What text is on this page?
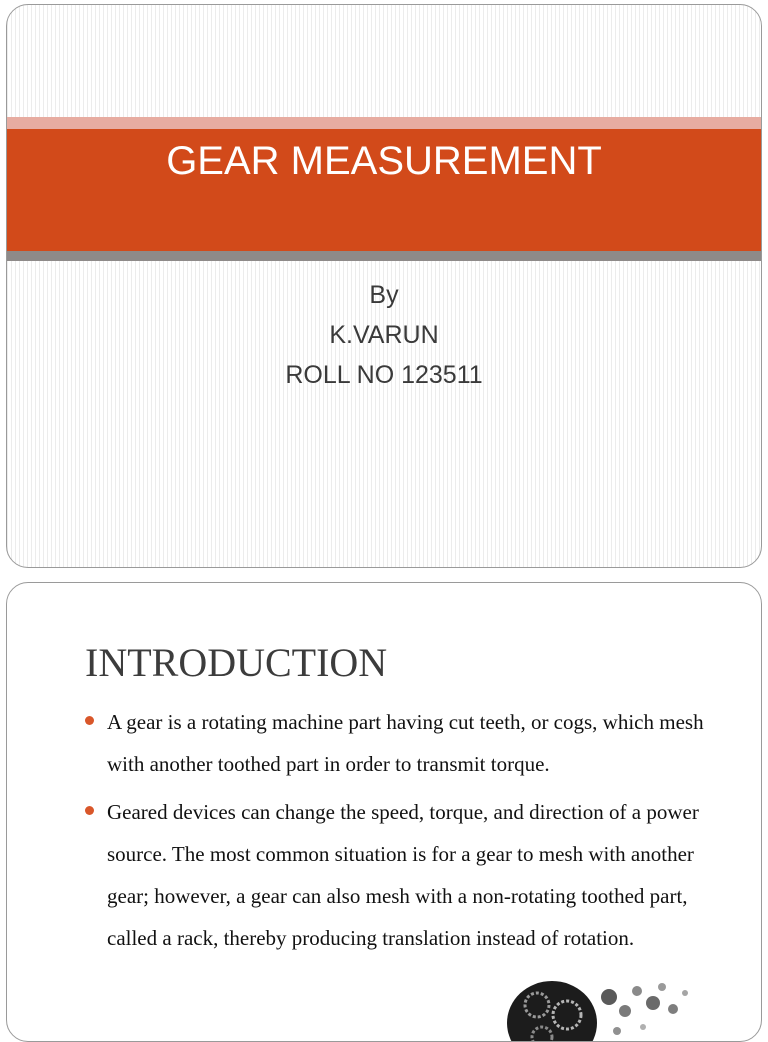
GEAR MEASUREMENT
By
K.VARUN
ROLL NO 123511
INTRODUCTION
A gear is a rotating machine part having cut teeth, or cogs, which mesh with another toothed part in order to transmit torque.
Geared devices can change the speed, torque, and direction of a power source. The most common situation is for a gear to mesh with another gear; however, a gear can also mesh with a non-rotating toothed part, called a rack, thereby producing translation instead of rotation.
